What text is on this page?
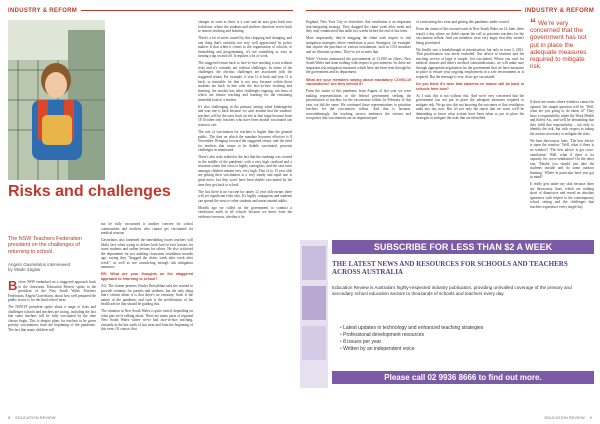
INDUSTRY & REFORM
Risks and challenges
The NSW Teachers Federation president on the challenges of returning to school.
Angelo Gavrielatos interviewed
by Wade Zaglas

Before NSW embarked on a staggered approach back to the classroom, Education Review spoke to the president of the New South Wales Teachers Federation, Angelo Gavrielatos, about how well prepared the public sector is for the final school term.

The NSWTF president spoke about a range of risks and challenges schools and teachers are facing, including the fact that some teachers will be fully vaccinated by the time classes begin. This is despite plans for teachers to be given priority vaccinations from the beginning of the pandemic. The fact that many children will

not be fully vaccinated is another concern for school communities and teachers who cannot get vaccinated for medical reasons.

Gavrielatos also lamented the timetabling issues teachers will likely face when trying to deliver both face-to-face lessons for some students and online lessons for others. He also criticised the department for not auditing classroom ventilation months ago, saying they "dragged the chain, week after week after week", as well as not considering enough risk mitigation measures.

ER: What are your thoughts on the staggered approach to returning to school?

AG: The former premier Gladys Berejiklian said she wanted to provide certainty for parents and students, but the only thing that's certain about it is that there's no certainty. Such is the nature of the pandemic and such is the proliferation of the health advice that should be guiding this.

The situation in New South Wales is quite varied, depending on what part we're talking about. There are many parts of regional New South Wales where we've had face-to-face teaching, certainly in the last week of last term and from the beginning of this term. Of course, that

changes as soon as there is a case and an area goes back into lockdown, where the students and teachers therefore revert back to remote teaching and learning.

There's a lot of stress caused by this chopping and changing, and one thing that's certainly not very well appreciated by policy makers is that when it comes to the organisation of schools, to timetabling and programming, it's not something as easy as turning a tap on and off. It requires a lot of work.

The staggered return back to face-to-face teaching is not without risks and it's certainly not without challenges. In terms of the challenges, the obvious challenges are associated with the staggered return. For example, if year 12 is back and year 11 is back, to timetable for that is not easy because within those students are back in line with the face-to-face teaching and learning, the teacher has other challenges ongoing, not least of which are remote teaching and learning for the remaining timetable load of a teacher.

It's also challenging in the primary setting when kindergarten and year one is back because we can't assume that the students' teachers will be the ones back on site at that stage because from 18 October only teachers who have been double vaccinated can return to site.

The rate of vaccination for teachers is higher than the general public. The date on which the mandate becomes effective is 8 November. Bringing forward the staggered return, and the need for teachers that return to be double vaccinated, presents challenges as mentioned.

There's also risks related to the fact that the roadmap was created in the middle of the pandemic with a very high caseload and a situation where this virus is highly contagious, and the case rates amongst children remain very, very high. That 12 to 15 year olds are getting their vaccination at a very steady and rapid rate is great news, but they won't have been double vaccinated by the time they get back to school.

The fact there is no vaccine for under 12 year olds means there will yet significant risks also. It's highly contagious and students can spread the virus to other students and unvaccinated adults.

Months ago we called on the government to conduct a ventilation audit in all schools because we knew from the evidence overseas, whether it be

8 EDUCATION REVIEW
INDUSTRY & REFORM

England, New York City or elsewhere, that ventilation is an important risk-mitigating strategy. They dragged the chain week after week and they only commenced that audit two weeks before the end of last term.

More importantly, they're dragging the chain with respect to risk mitigation strategies where ventilation is poor. Strategies, for example, that require the purchase of various instruments, such as CO2 monitors and air filtration systems. They've yet to enter that.

While Victoria announced the procurement of 51,000 air filters, New South Wales had done nothing with respect to procurement. So these are important risk mitigation measures which have not been seen through by the government and its department.

What are your members saying about mandatory COVID-19 vaccinations? Are they behind it?

From the outset of this pandemic from August of last year we were making representations to the federal government seeking the prioritisation of teachers for the vaccination rollout. In February of this year, we did the same. We continued those representations to prioritise teachers for the vaccination rollout. And that is because, overwhelmingly, the teaching service embraces the science and recognises that vaccinations are an important part

of confronting this virus and getting this pandemic under control.

From the outset of this second wave in New South Wales on 14 June, there wasn't a day where we didn't repeat the call to prioritise teachers for the vaccination rollout. And our members were very angry that they weren't being prioritised.

We finally saw a breakthrough in prioritisation, but only in term 3, 2021. That prioritisation was never extended. Our advice to teachers and the teaching service at large is simple. Get vaccinated. Where you can't for medical reasons and there's medical contraindications, we will make sure through appropriate negotiation for the government that we have measures in place to ensure your ongoing employment in a safe environment as is required. But the message is very clear: get vaccinated.

Do you think it's wise that students en masse will be back in schools from now?

As I said, this is not without risk. And we're very concerned that the government has not put in place the adequate measures required to mitigate risk. We go into this not knowing the outcomes of that ventilation audit any day now. But it's not only the report that we want, we'll be demanding to know what actions have been taken to put in place the strategies to mitigate the risks that are identified.

“ We're very concerned that the government has not put in place the adequate measures required to mitigate risk.

If there are rooms where windows cannot be opened, the simple question will be, 'Well, what are you going to do about it?' They have a responsibility under the Work Health and Safety Act, and we'll be demanding that they fulfil that responsibility – not only to identify the risk, but with respect to taking the actions necessary to mitigate the risks.

We hear throwaway lines. 'The best advice is open the window.' Well, what if there is no window? 'The best advice is get cross-ventilation.' Well, what if there is no capacity for cross-ventilation? On the other one, 'Maybe you should just take the students outside and do some outdoor learning.' Where in particular have you got in mind?

It really gets under my skin because there are throwaway lines, which are nothing short of dismissive and reveal an absolute ignorance with respect to the contemporary school setting and the challenges that teachers experience every single day.

EDUCATION REVIEW 9
SUBSCRIBE FOR LESS THAN $2 A WEEK
THE LATEST NEWS AND RESOURCES FOR SCHOOLS AND TEACHERS ACROSS AUSTRALIA
Education Review is Australia's highly-respected industry publication, providing unrivalled coverage of the primary and secondary school education sectors to thousands of schools and teachers every day.
• Latest updates in technology and enhanced teaching strategies
• Professional development resources
• 8 issues per year
• Written by an independent voice
Please call 02 9936 8666 to find out more.
